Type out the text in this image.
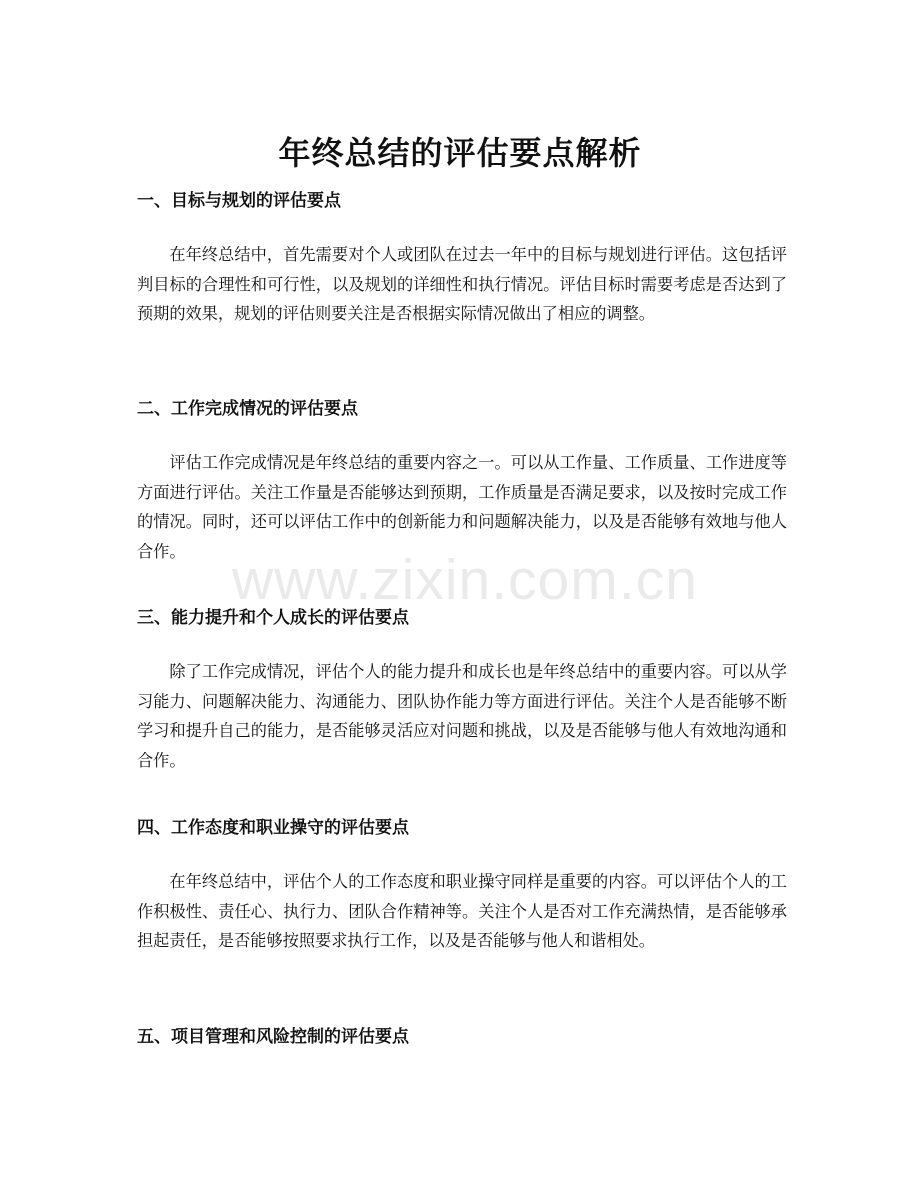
年终总结的评估要点解析
一、目标与规划的评估要点

在年终总结中，首先需要对个人或团队在过去一年中的目标与规划进行评估。这包括评判目标的合理性和可行性，以及规划的详细性和执行情况。评估目标时需要考虑是否达到了预期的效果，规划的评估则要关注是否根据实际情况做出了相应的调整。

二、工作完成情况的评估要点

评估工作完成情况是年终总结的重要内容之一。可以从工作量、工作质量、工作进度等方面进行评估。关注工作量是否能够达到预期，工作质量是否满足要求，以及按时完成工作的情况。同时，还可以评估工作中的创新能力和问题解决能力，以及是否能够有效地与他人合作。

三、能力提升和个人成长的评估要点

除了工作完成情况，评估个人的能力提升和成长也是年终总结中的重要内容。可以从学习能力、问题解决能力、沟通能力、团队协作能力等方面进行评估。关注个人是否能够不断学习和提升自己的能力，是否能够灵活应对问题和挑战，以及是否能够与他人有效地沟通和合作。

四、工作态度和职业操守的评估要点

在年终总结中，评估个人的工作态度和职业操守同样是重要的内容。可以评估个人的工作积极性、责任心、执行力、团队合作精神等。关注个人是否对工作充满热情，是否能够承担起责任，是否能够按照要求执行工作，以及是否能够与他人和谐相处。

五、项目管理和风险控制的评估要点
www.zixin.com.cn
